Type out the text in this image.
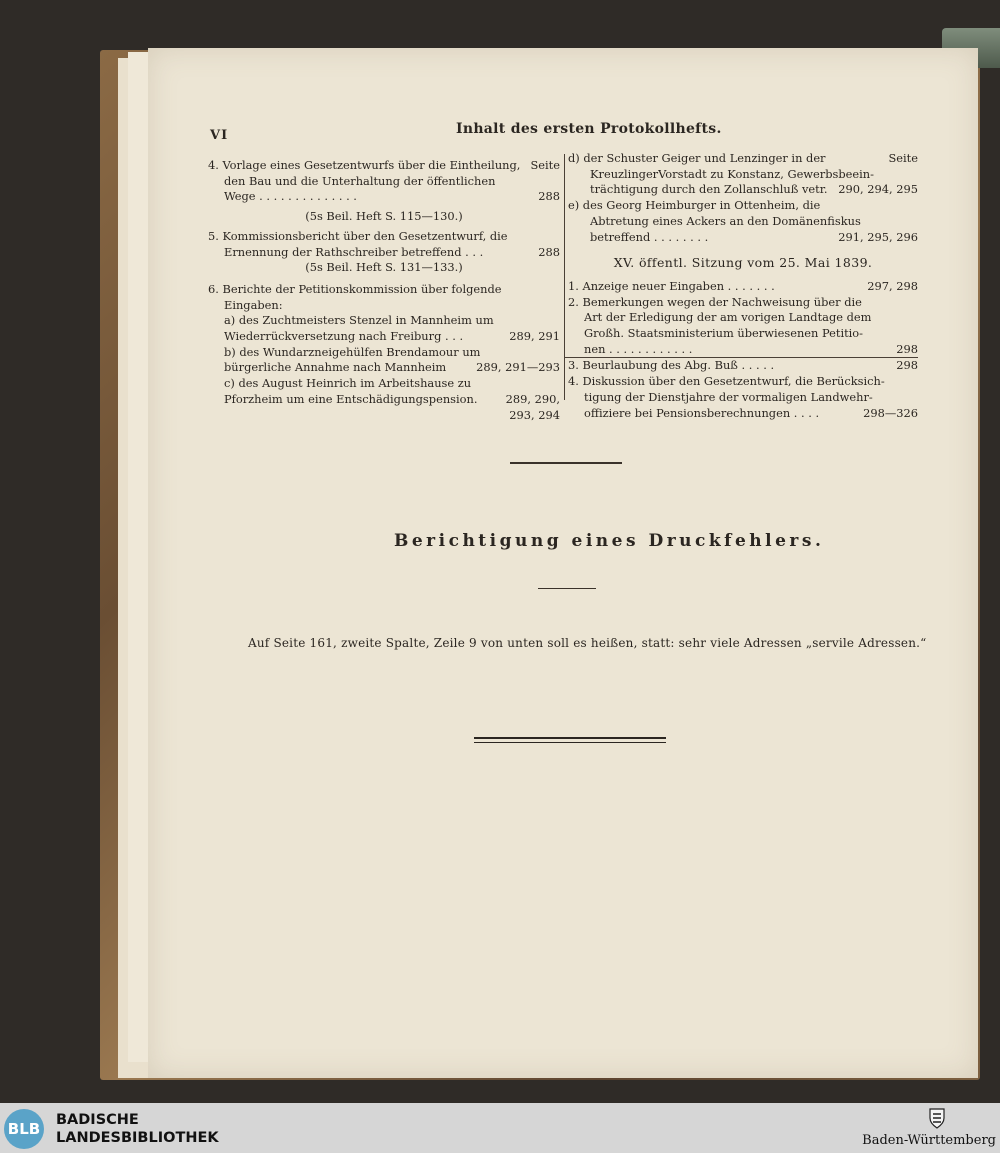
VI	Inhalt des ersten Protokollhefts.
4. Vorlage eines Gesetzentwurfs über die Eintheilung, Seite
den Bau und die Unterhaltung der öffentlichen
Wege . . . . . . . . . . . . . .	288
(5s Beil. Heft S. 115—130.)
5. Kommissionsbericht über den Gesetzentwurf, die
Ernennung der Rathschreiber betreffend . . .	288
(5s Beil. Heft S. 131—133.)
6. Berichte der Petitionskommission über folgende
Eingaben:
a) des Zuchtmeisters Stenzel in Mannheim um
Wiederrückversetzung nach Freiburg . . .	289, 291
b) des Wundarzneigehülfen Brendamour um
bürgerliche Annahme nach Mannheim	289, 291—293
c) des August Heinrich im Arbeitshause zu
Pforzheim um eine Entschädigungspension. 289, 290,
293, 294
d) der Schuster Geiger und Lenzinger in der	Seite
KreuzlingerVorstadt zu Konstanz, Gewerbsbeein-
trächtigung durch den Zollanschluß vetr. 290, 294, 295
e) des Georg Heimburger in Ottenheim, die
Abtretung eines Ackers an den Domänenfiskus
betreffend . . . . . . . .	291, 295, 296
XV. öffentl. Sitzung vom 25. Mai 1839.
1. Anzeige neuer Eingaben . . . . . . .	297, 298
2. Bemerkungen wegen der Nachweisung über die
Art der Erledigung der am vorigen Landtage dem
Großh. Staatsministerium überwiesenen Petitio-
nen . . . . . . . . . . . .	298
3. Beurlaubung des Abg. Buß . . . . .	298
4. Diskussion über den Gesetzentwurf, die Berücksich-
tigung der Dienstjahre der vormaligen Landwehr-
offiziere bei Pensionsberechnungen . . . .	298—326
Berichtigung eines Druckfehlers.
Auf Seite 161, zweite Spalte, Zeile 9 von unten soll es heißen, statt: sehr viele Adressen „servile Adressen.“
BLB BADISCHE
LANDESBIBLIOTHEK	Baden-Württemberg
